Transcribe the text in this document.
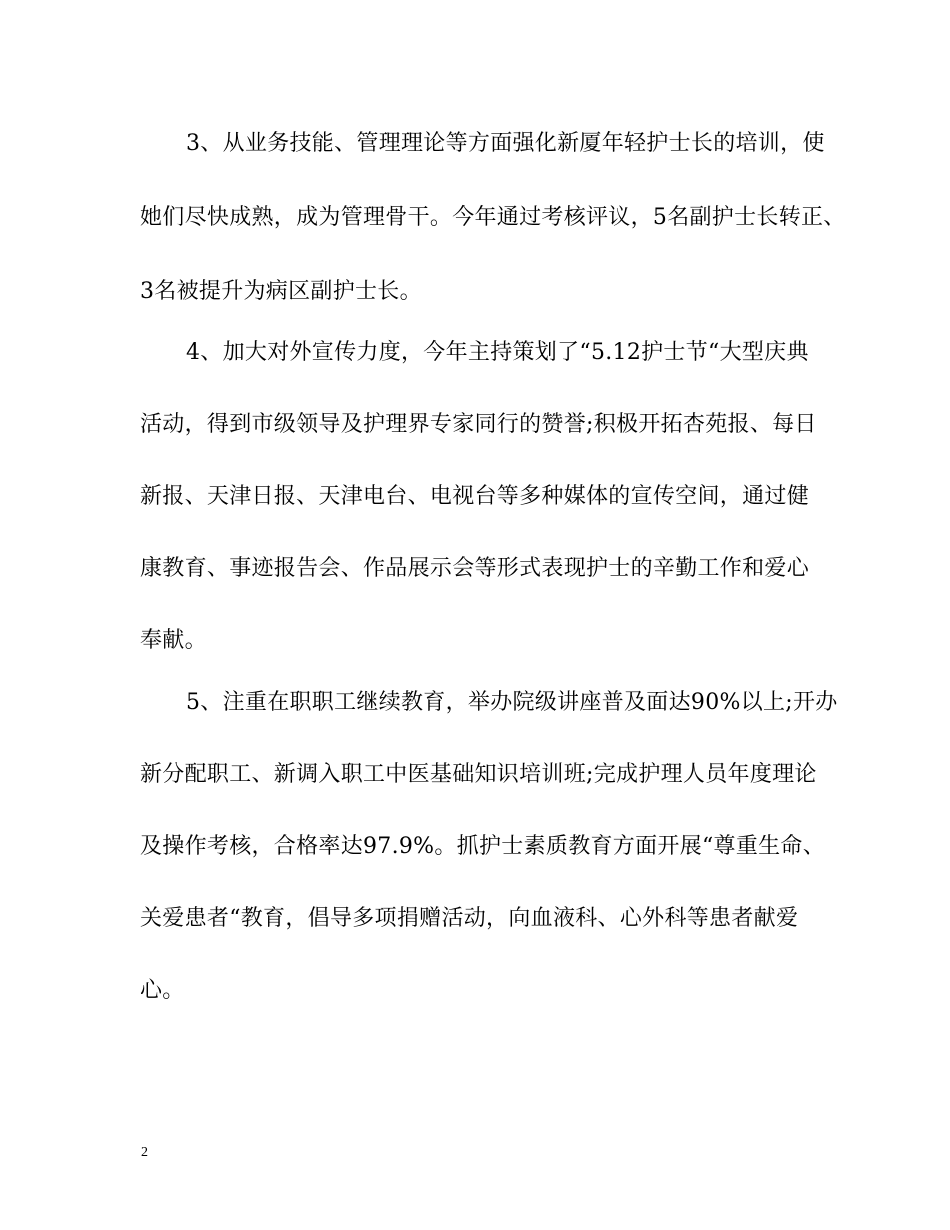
3、从业务技能、管理理论等方面强化新厦年轻护士长的培训，使
她们尽快成熟，成为管理骨干。今年通过考核评议，5名副护士长转正、
3名被提升为病区副护士长。
4、加大对外宣传力度，今年主持策划了“5.12护士节“大型庆典
活动，得到市级领导及护理界专家同行的赞誉;积极开拓杏苑报、每日
新报、天津日报、天津电台、电视台等多种媒体的宣传空间，通过健
康教育、事迹报告会、作品展示会等形式表现护士的辛勤工作和爱心
奉献。
5、注重在职职工继续教育，举办院级讲座普及面达90%以上;开办
新分配职工、新调入职工中医基础知识培训班;完成护理人员年度理论
及操作考核，合格率达97.9%。抓护士素质教育方面开展“尊重生命、
关爱患者“教育，倡导多项捐赠活动，向血液科、心外科等患者献爱
心。
2
